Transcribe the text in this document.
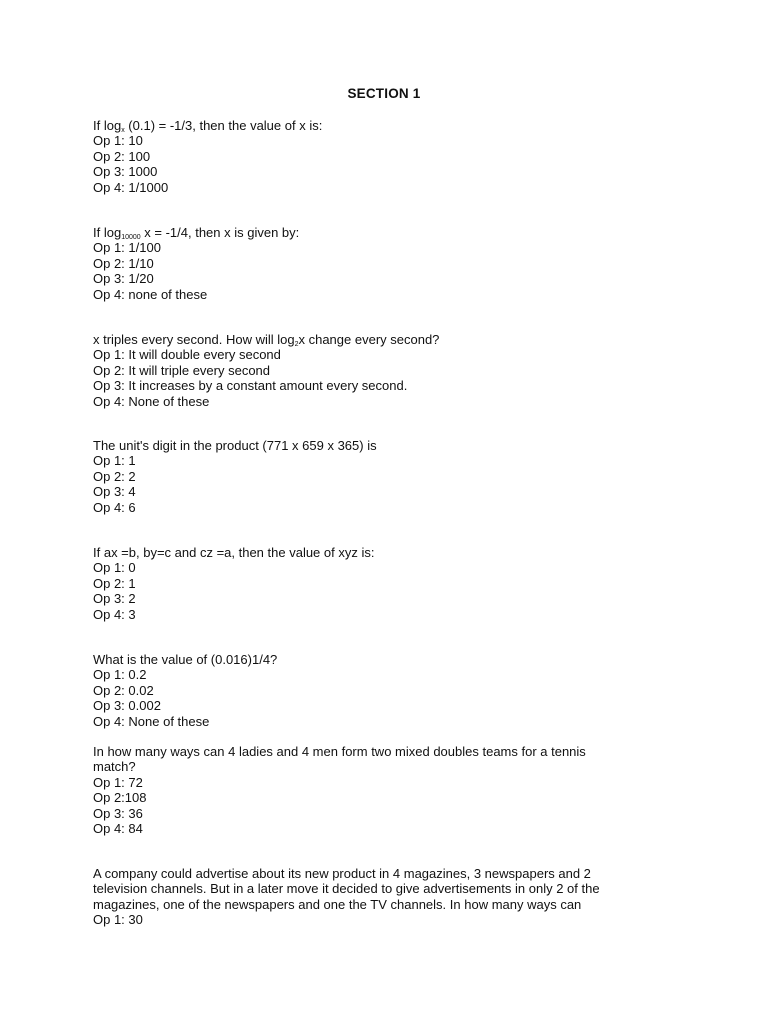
SECTION 1
If $\log_x (0.1) = -1/3$, then the value of x is:
Op 1: 10
Op 2: 100
Op 3: 1000
Op 4: 1/1000
If $\log_{10000} x = -1/4$, then x is given by:
Op 1: 1/100
Op 2: 1/10
Op 3: 1/20
Op 4: none of these
x triples every second. How will $\log_2x$ change every second?
Op 1: It will double every second
Op 2: It will triple every second
Op 3: It increases by a constant amount every second.
Op 4: None of these
The unit's digit in the product (771 x 659 x 365) is
Op 1: 1
Op 2: 2
Op 3: 4
Op 4: 6
If ax =b, by=c and cz =a, then the value of xyz is:
Op 1: 0
Op 2: 1
Op 3: 2
Op 4: 3
What is the value of (0.016)1/4?
Op 1: 0.2
Op 2: 0.02
Op 3: 0.002
Op 4: None of these
In how many ways can 4 ladies and 4 men form two mixed doubles teams for a tennis
match?
Op 1: 72
Op 2:108
Op 3: 36
Op 4: 84
A company could advertise about its new product in 4 magazines, 3 newspapers and 2
television channels. But in a later move it decided to give advertisements in only 2 of the
magazines, one of the newspapers and one the TV channels. In how many ways can
Op 1: 30
